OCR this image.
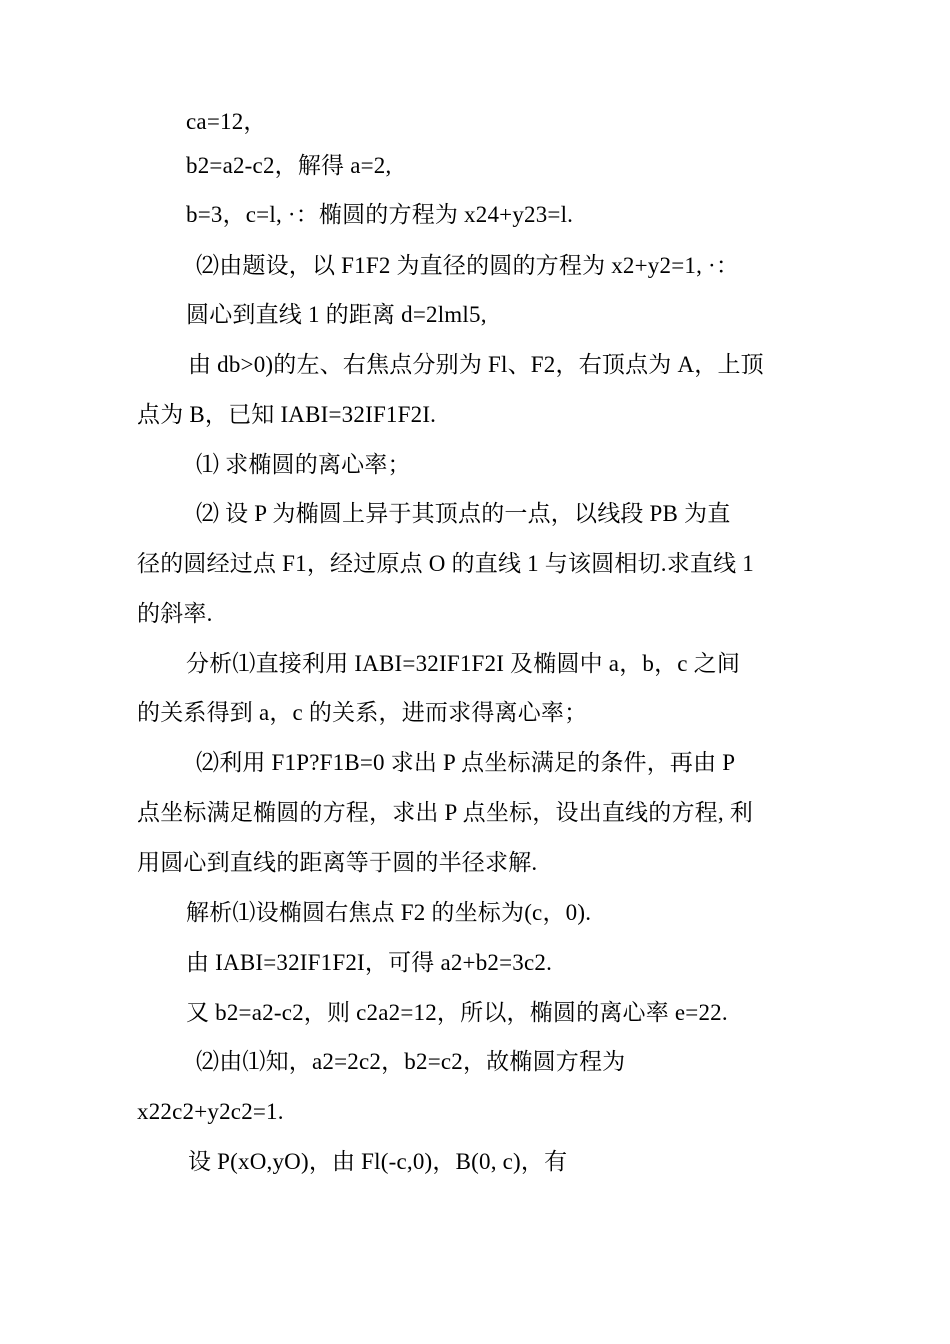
ca=12，
b2=a2-c2，解得 a=2,
b=3，c=l, ·：椭圆的方程为 x24+y23=l.
⑵由题设，以 F1F2 为直径的圆的方程为 x2+y2=1, ·：
圆心到直线 1 的距离 d=2lml5,
由 db>0)的左、右焦点分别为 Fl、F2，右顶点为 A，上顶
点为 B，已知 IABI=32IF1F2I.
⑴ 求椭圆的离心率；
⑵ 设 P 为椭圆上异于其顶点的一点，以线段 PB 为直
径的圆经过点 F1，经过原点 O 的直线 1 与该圆相切.求直线 1
的斜率.
分析⑴直接利用 IABI=32IF1F2I 及椭圆中 a，b，c 之间
的关系得到 a，c 的关系，进而求得离心率；
⑵利用 F1P?F1B=0 求出 P 点坐标满足的条件，再由 P
点坐标满足椭圆的方程，求出 P 点坐标，设出直线的方程, 利
用圆心到直线的距离等于圆的半径求解.
解析⑴设椭圆右焦点 F2 的坐标为(c，0).
由 IABI=32IF1F2I，可得 a2+b2=3c2.
又 b2=a2-c2，则 c2a2=12，所以，椭圆的离心率 e=22.
⑵由⑴知，a2=2c2，b2=c2，故椭圆方程为
x22c2+y2c2=1.
设 P(xO,yO)，由 Fl(-c,0)，B(0, c)，有
